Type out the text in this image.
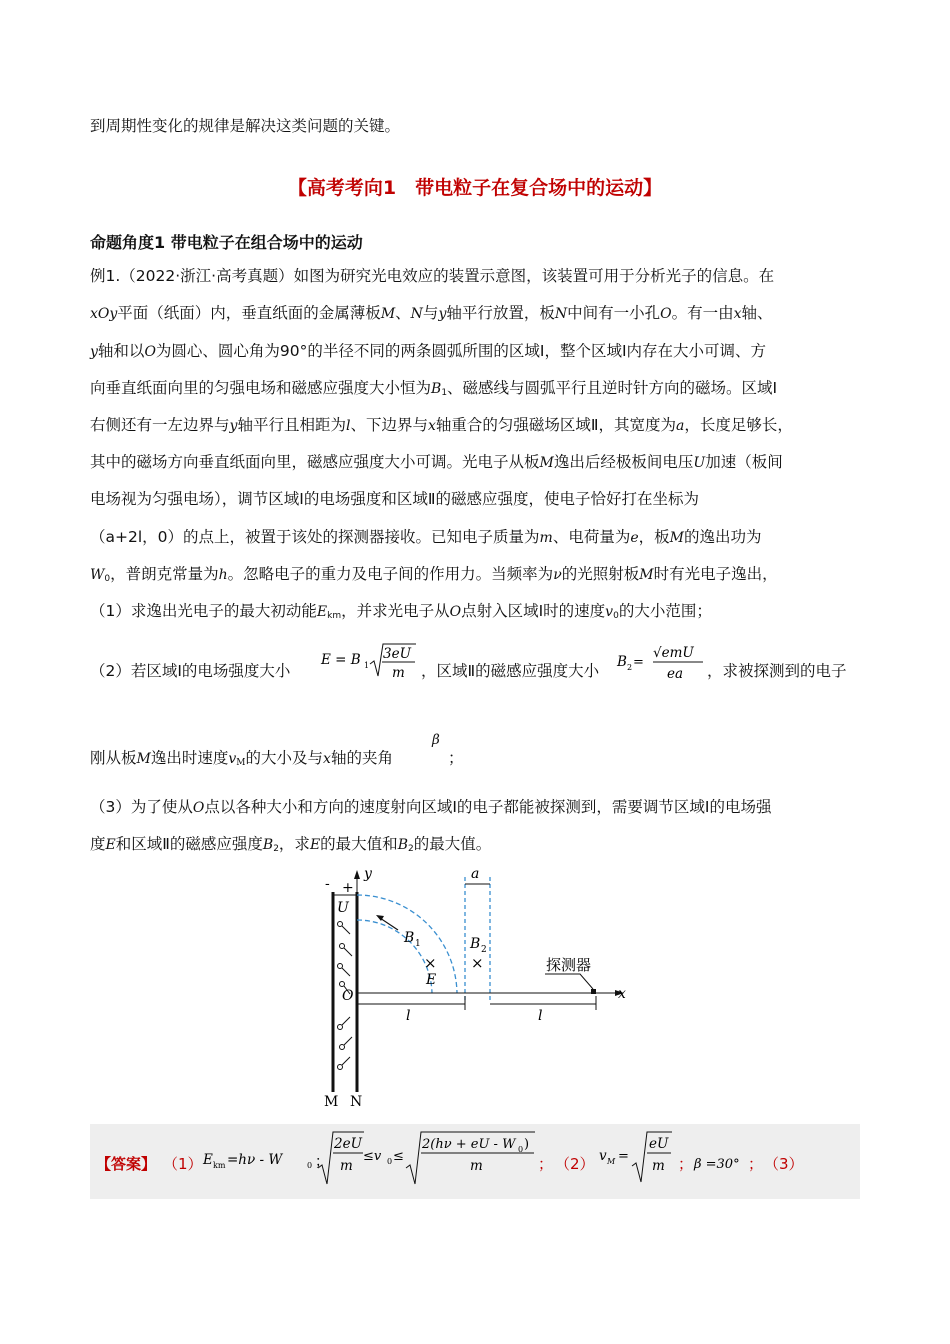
到周期性变化的规律是解决这类问题的关键。
【高考考向1　带电粒子在复合场中的运动】
命题角度1 带电粒子在组合场中的运动
例1.（2022·浙江·高考真题）如图为研究光电效应的装置示意图，该装置可用于分析光子的信息。在
xOy平面（纸面）内，垂直纸面的金属薄板M、N与y轴平行放置，板N中间有一小孔O。有一由x轴、
y轴和以O为圆心、圆心角为90°的半径不同的两条圆弧所围的区域Ⅰ，整个区域Ⅰ内存在大小可调、方
向垂直纸面向里的匀强电场和磁感应强度大小恒为$B_1$、磁感线与圆弧平行且逆时针方向的磁场。区域Ⅰ
右侧还有一左边界与y轴平行且相距为l、下边界与x轴重合的匀强磁场区域Ⅱ，其宽度为a，长度足够长，
其中的磁场方向垂直纸面向里，磁感应强度大小可调。光电子从板M逸出后经极板间电压U加速（板间
电场视为匀强电场），调节区域Ⅰ的电场强度和区域Ⅱ的磁感应强度，使电子恰好打在坐标为
（a+2l，0）的点上，被置于该处的探测器接收。已知电子质量为m、电荷量为e，板M的逸出功为
$W_0$，普朗克常量为h。忽略电子的重力及电子间的作用力。当频率为ν的光照射板M时有光电子逸出，
（1）求逸出光电子的最大初动能$E_{km}$，并求光电子从O点射入区域Ⅰ时的速度$v_0$的大小范围；
（2）若区域Ⅰ的电场强度大小
E = B 1
3eU
m ，区域Ⅱ的磁感应强度大小 B 2 =
√emU
ea ，求被探测到的电子
刚从板M逸出时速度$v_M$的大小及与x轴的夹角
β
；
（3）为了使从O点以各种大小和方向的速度射向区域Ⅰ的电子都能被探测到，需要调节区域Ⅰ的电场强
度E和区域Ⅱ的磁感应强度$B_2$，求E的最大值和$B_2$的最大值。
- +
U
y
B 1
×
E
a
B 2
×
x
O
探测器
l	l
M N
【答案】 （1） E km =hν - W	0 ；
2eU
m
≤v 0 ≤
2(hν + eU - W 0 )
m	； （2） v M =
eU
m β =30°
；	； （3）
